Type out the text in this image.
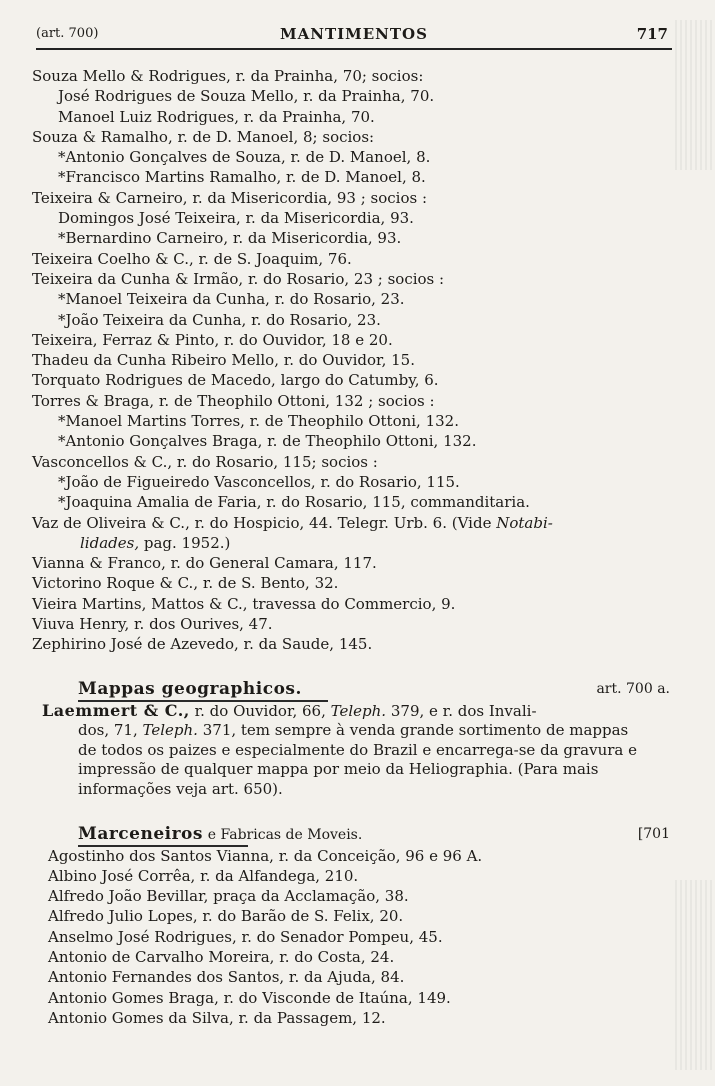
(art. 700)	MANTIMENTOS	717
Souza Mello & Rodrigues, r. da Prainha, 70; socios:
José Rodrigues de Souza Mello, r. da Prainha, 70.
Manoel Luiz Rodrigues, r. da Prainha, 70.
Souza & Ramalho, r. de D. Manoel, 8; socios:
*Antonio Gonçalves de Souza, r. de D. Manoel, 8.
*Francisco Martins Ramalho, r. de D. Manoel, 8.
Teixeira & Carneiro, r. da Misericordia, 93 ; socios :
Domingos José Teixeira, r. da Misericordia, 93.
*Bernardino Carneiro, r. da Misericordia, 93.
Teixeira Coelho & C., r. de S. Joaquim, 76.
Teixeira da Cunha & Irmão, r. do Rosario, 23 ; socios :
*Manoel Teixeira da Cunha, r. do Rosario, 23.
*João Teixeira da Cunha, r. do Rosario, 23.
Teixeira, Ferraz & Pinto, r. do Ouvidor, 18 e 20.
Thadeu da Cunha Ribeiro Mello, r. do Ouvidor, 15.
Torquato Rodrigues de Macedo, largo do Catumby, 6.
Torres & Braga, r. de Theophilo Ottoni, 132 ; socios :
*Manoel Martins Torres, r. de Theophilo Ottoni, 132.
*Antonio Gonçalves Braga, r. de Theophilo Ottoni, 132.
Vasconcellos & C., r. do Rosario, 115; socios :
*João de Figueiredo Vasconcellos, r. do Rosario, 115.
*Joaquina Amalia de Faria, r. do Rosario, 115, commanditaria.
Vaz de Oliveira & C., r. do Hospicio, 44. Telegr. Urb. 6. (Vide Notabi-
lidades, pag. 1952.)
Vianna & Franco, r. do General Camara, 117.
Victorino Roque & C., r. de S. Bento, 32.
Vieira Martins, Mattos & C., travessa do Commercio, 9.
Viuva Henry, r. dos Ourives, 47.
Zephirino José de Azevedo, r. da Saude, 145.
Mappas geographicos.	art. 700 a.
Laemmert & C., r. do Ouvidor, 66, Teleph. 379, e r. dos Invali-
dos, 71, Teleph. 371, tem sempre à venda grande sortimento de mappas
de todos os paizes e especialmente do Brazil e encarrega-se da gravura e
impressão de qualquer mappa por meio da Heliographia. (Para mais
informações veja art. 650).
Marceneiros e Fabricas de Moveis.	[701
Agostinho dos Santos Vianna, r. da Conceição, 96 e 96 A.
Albino José Corrêa, r. da Alfandega, 210.
Alfredo João Bevillar, praça da Acclamação, 38.
Alfredo Julio Lopes, r. do Barão de S. Felix, 20.
Anselmo José Rodrigues, r. do Senador Pompeu, 45.
Antonio de Carvalho Moreira, r. do Costa, 24.
Antonio Fernandes dos Santos, r. da Ajuda, 84.
Antonio Gomes Braga, r. do Visconde de Itaúna, 149.
Antonio Gomes da Silva, r. da Passagem, 12.
